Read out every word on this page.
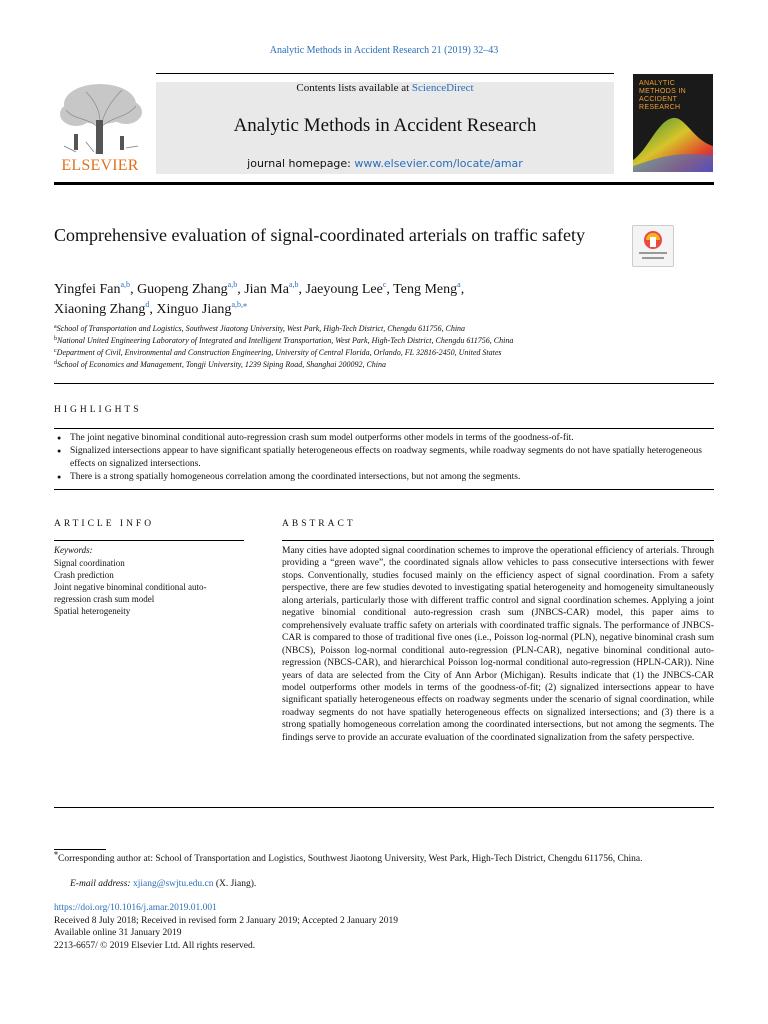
Analytic Methods in Accident Research 21 (2019) 32–43
ELSEVIER
Contents lists available at ScienceDirect
Analytic Methods in Accident Research
journal homepage: www.elsevier.com/locate/amar
ANALYTIC
METHODS IN
ACCIDENT
RESEARCH
Comprehensive evaluation of signal-coordinated arterials on traffic safety
Yingfei Fan$^{a,b}$, Guopeng Zhang$^{a,b}$, Jian Ma$^{a,b}$, Jaeyoung Lee$^c$, Teng Meng$^a$,
Xiaoning Zhang$^d$, Xinguo Jiang$^{a,b,⁎}$
$^a$School of Transportation and Logistics, Southwest Jiaotong University, West Park, High-Tech District, Chengdu 611756, China
$^b$National United Engineering Laboratory of Integrated and Intelligent Transportation, West Park, High-Tech District, Chengdu 611756, China
$^c$Department of Civil, Environmental and Construction Engineering, University of Central Florida, Orlando, FL 32816-2450, United States
$^d$School of Economics and Management, Tongji University, 1239 Siping Road, Shanghai 200092, China
HIGHLIGHTS
● The joint negative binominal conditional auto-regression crash sum model outperforms other models in terms of the goodness-of-fit.
● Signalized intersections appear to have significant spatially heterogeneous effects on roadway segments, while roadway segments do not have spatially heterogeneous effects on signalized intersections.
● There is a strong spatially homogeneous correlation among the coordinated intersections, but not among the segments.
ARTICLE INFO
Keywords:
Signal coordination
Crash prediction
Joint negative binominal conditional auto-regression crash sum model
Spatial heterogeneity
ABSTRACT

Many cities have adopted signal coordination schemes to improve the operational efficiency of arterials. Through providing a “green wave”, the coordinated signals allow vehicles to pass consecutive intersections with fewer stops. Conventionally, studies focused mainly on the efficiency aspect of signal coordination. From a safety perspective, there are few studies devoted to investigating spatial heterogeneity and homogeneity simultaneously along arterials, particularly those with different traffic control and signal coordination schemes. Applying a joint negative binomial conditional auto-regression crash sum (JNBCS-CAR) model, this paper aims to comprehensively evaluate traffic safety on arterials with coordinated traffic signals. The performance of JNBCS-CAR is compared to those of traditional five ones (i.e., Poisson log-normal (PLN), negative binominal crash sum (NBCS), Poisson log-normal conditional auto-regression (PLN-CAR), negative binominal conditional auto-regression (NBCS-CAR), and hierarchical Poisson log-normal conditional auto-regression (HPLN-CAR)). Nine years of data are selected from the City of Ann Arbor (Michigan). Results indicate that (1) the JNBCS-CAR model outperforms other models in terms of the goodness-of-fit; (2) signalized intersections appear to have significant spatially heterogeneous effects on roadway segments under the scenario of signal coordination, while roadway segments do not have spatially heterogeneous effects on signalized intersections; and (3) there is a strong spatially homogeneous correlation among the coordinated intersections, but not among the segments. The findings serve to provide an accurate evaluation of the coordinated signalization from the safety perspective.

⁎Corresponding author at: School of Transportation and Logistics, Southwest Jiaotong University, West Park, High-Tech District, Chengdu 611756, China.
E-mail address: xjiang@swjtu.edu.cn (X. Jiang).
https://doi.org/10.1016/j.amar.2019.01.001
Received 8 July 2018; Received in revised form 2 January 2019; Accepted 2 January 2019
Available online 31 January 2019
2213-6657/ © 2019 Elsevier Ltd. All rights reserved.
